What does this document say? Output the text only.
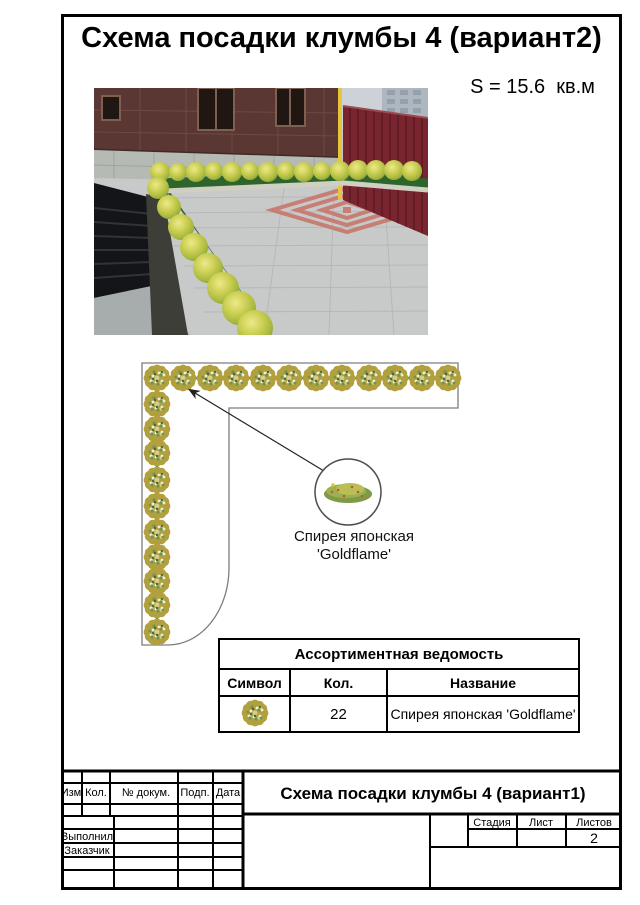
Схема посадки клумбы 4 (вариант2)
S = 15.6  кв.м
Спирея японская
'Goldflame'
Ассортиментная ведомость		
Символ	Кол.	Название
	22	Спирея японская 'Goldflame'
Изм Кол. № докум. Подп. Дата
Выполнил
Заказчик
Стадия Лист Листов
2
Схема посадки клумбы 4 (вариант1)
